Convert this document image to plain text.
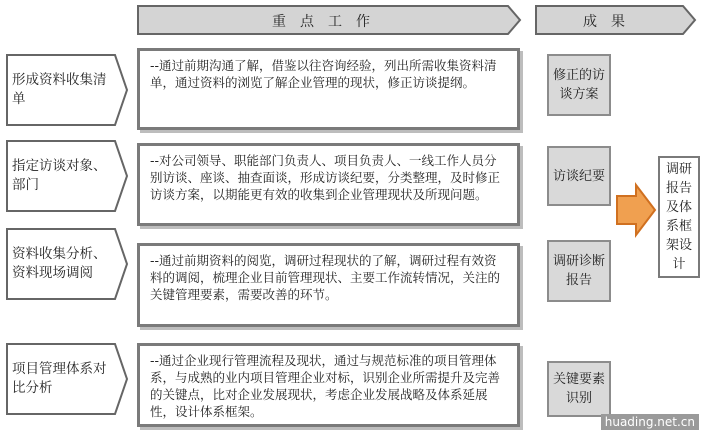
重点工作	成果
形成资料收集清单
指定访谈对象、部门
资料收集分析、资料现场调阅
项目管理体系对比分析
--通过前期沟通了解，借鉴以往咨询经验，列出所需收集资料清单，通过资料的浏览了解企业管理的现状，修正访谈提纲。
--对公司领导、职能部门负责人、项目负责人、一线工作人员分别访谈、座谈、抽查面谈，形成访谈纪要，分类整理，及时修正访谈方案，以期能更有效的收集到企业管理现状及所现问题。
--通过前期资料的阅览，调研过程现状的了解，调研过程有效资料的调阅，梳理企业目前管理现状、主要工作流转情况，关注的关键管理要素，需要改善的环节。
--通过企业现行管理流程及现状，通过与规范标准的项目管理体系，与成熟的业内项目管理企业对标，识别企业所需提升及完善的关键点，比对企业发展现状，考虑企业发展战略及体系延展性，设计体系框架。
修正的访谈方案
访谈纪要
调研诊断报告
关键要素识别
调研报告及体系框架设计
huading.net.cn
